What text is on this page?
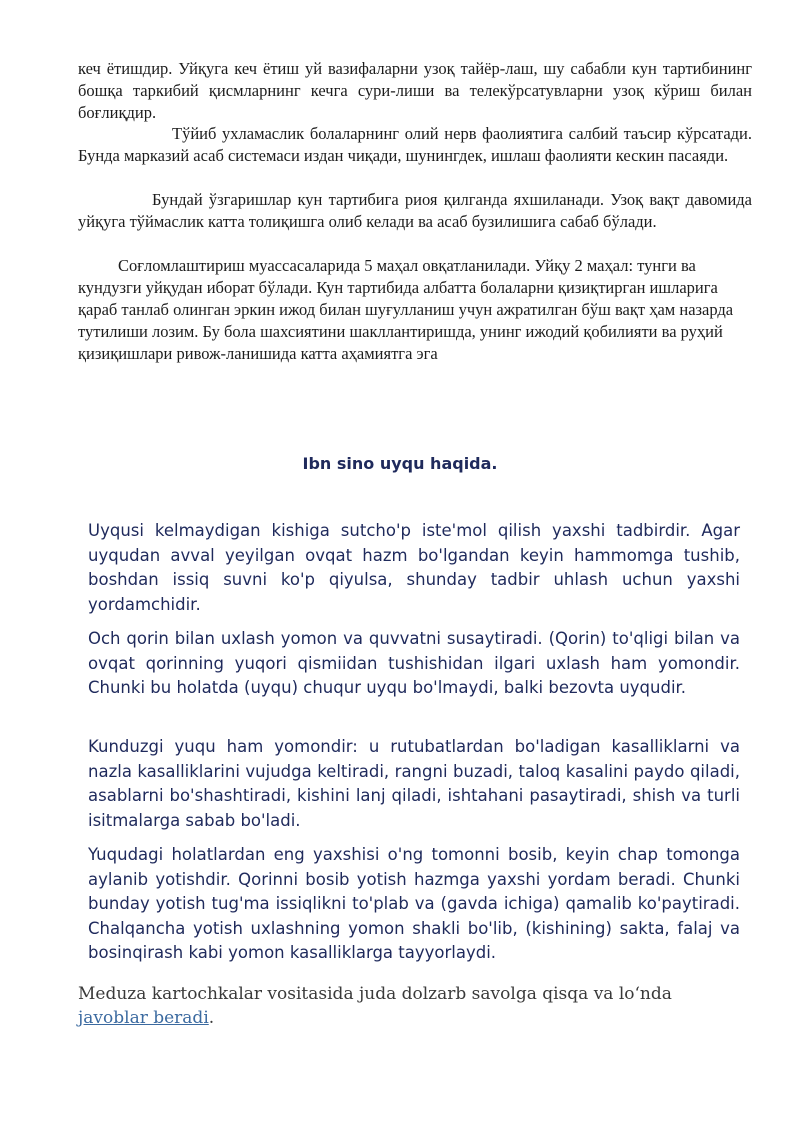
кеч ётишдир. Уйқуга кеч ётиш уй вазифаларни узоқ тайёр-лаш, шу сабабли кун тартибининг бошқа таркибий қисмларнинг кечга сури-лиши ва телекўрсатувларни узоқ кўриш билан боғлиқдир.

Тўйиб ухламаслик болаларнинг олий нерв фаолиятига салбий таъсир кўрсатади. Бунда марказий асаб системаси издан чиқади, шунингдек, ишлаш фаолияти кескин пасаяди.

Бундай ўзгаришлар кун тартибига риоя қилганда яхшиланади. Узоқ вақт давомида уйқуга тўймаслик катта толиқишга олиб келади ва асаб бузилишига сабаб бўлади.

Соғломлаштириш муассасаларида 5 маҳал овқатланилади. Уйқу 2 маҳал: тунги ва кундузги уйқудан иборат бўлади. Кун тартибида албатта болаларни қизиқтирган ишларига қараб танлаб олинган эркин ижод билан шуғулланиш учун ажратилган бўш вақт ҳам назарда тутилиши лозим. Бу бола шахсиятини шакллантиришда, унинг ижодий қобилияти ва руҳий қизиқишлари ривож-ланишида катта аҳамиятга эга

Ibn sino uyqu haqida.

Uyqusi kelmaydigan kishiga sutcho'p iste'mol qilish yaxshi tadbirdir. Agar uyqudan avval yeyilgan ovqat hazm bo'lgandan keyin hammomga tushib, boshdan issiq suvni ko'p qiyulsa, shunday tadbir uhlash uchun yaxshi yordamchidir.

Och qorin bilan uxlash yomon va quvvatni susaytiradi. (Qorin) to'qligi bilan va ovqat qorinning yuqori qismiidan tushishidan ilgari uxlash ham yomondir. Chunki bu holatda (uyqu) chuqur uyqu bo'lmaydi, balki bezovta uyqudir.

Kunduzgi yuqu ham yomondir: u rutubatlardan bo'ladigan kasalliklarni va nazla kasalliklarini vujudga keltiradi, rangni buzadi, taloq kasalini paydo qiladi, asablarni bo'shashtiradi, kishini lanj qiladi, ishtahani pasaytiradi, shish va turli isitmalarga sabab bo'ladi.

Yuqudagi holatlardan eng yaxshisi o'ng tomonni bosib, keyin chap tomonga aylanib yotishdir. Qorinni bosib yotish hazmga yaxshi yordam beradi. Chunki bunday yotish tug'ma issiqlikni to'plab va (gavda ichiga) qamalib ko'paytiradi. Chalqancha yotish uxlashning yomon shakli bo'lib, (kishining) sakta, falaj va bosinqirash kabi yomon kasalliklarga tayyorlaydi.

Meduza kartochkalar vositasida juda dolzarb savolga qisqa va lo‘nda javoblar beradi.
